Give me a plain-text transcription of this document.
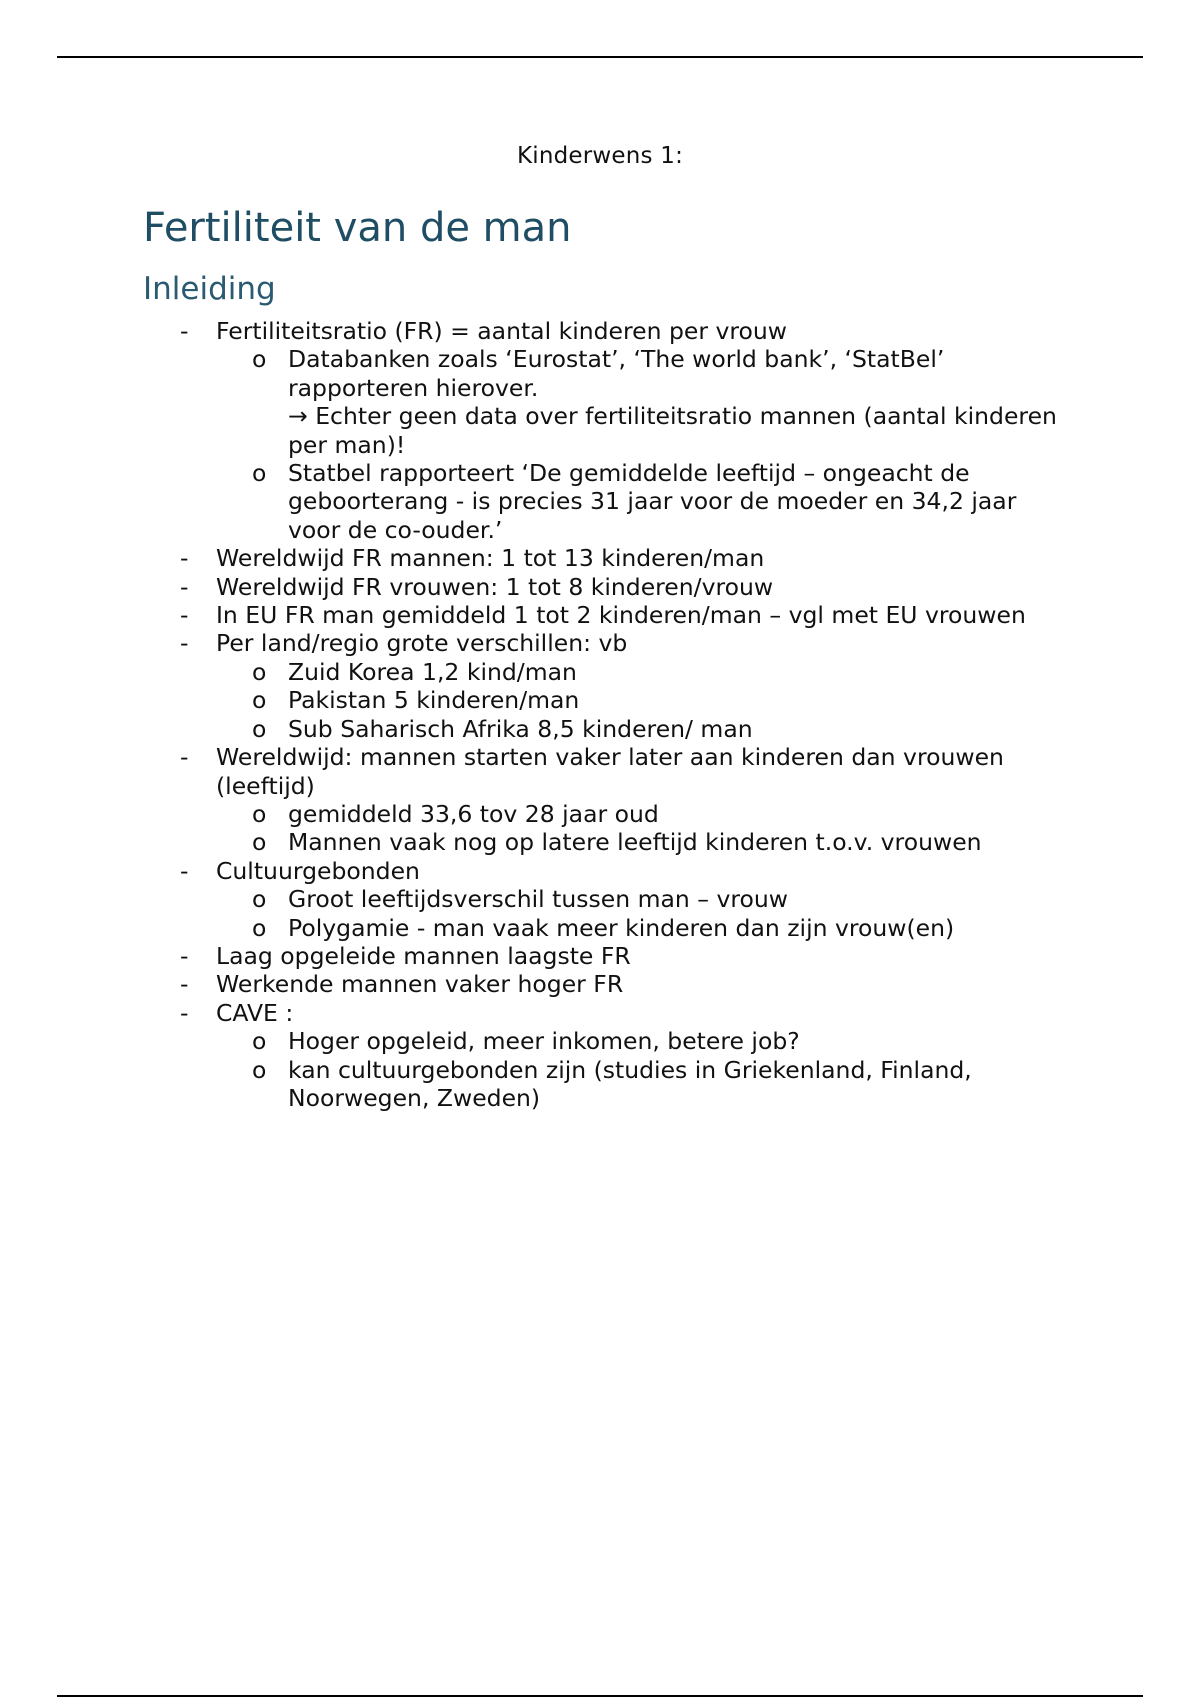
Kinderwens 1:
Fertiliteit van de man
Inleiding
- Fertiliteitsratio (FR) = aantal kinderen per vrouw
o Databanken zoals ‘Eurostat’, ‘The world bank’, ‘StatBel’ rapporteren hierover.
→ Echter geen data over fertiliteitsratio mannen (aantal kinderen per man)!
o Statbel rapporteert ‘De gemiddelde leeftijd – ongeacht de geboorterang - is precies 31 jaar voor de moeder en 34,2 jaar voor de co-ouder.’
- Wereldwijd FR mannen: 1 tot 13 kinderen/man
- Wereldwijd FR vrouwen: 1 tot 8 kinderen/vrouw
- In EU FR man gemiddeld 1 tot 2 kinderen/man – vgl met EU vrouwen
- Per land/regio grote verschillen: vb
o Zuid Korea 1,2 kind/man
o Pakistan 5 kinderen/man
o Sub Saharisch Afrika 8,5 kinderen/ man
- Wereldwijd: mannen starten vaker later aan kinderen dan vrouwen (leeftijd)
o gemiddeld 33,6 tov 28 jaar oud
o Mannen vaak nog op latere leeftijd kinderen t.o.v. vrouwen
- Cultuurgebonden
o Groot leeftijdsverschil tussen man – vrouw
o Polygamie - man vaak meer kinderen dan zijn vrouw(en)
- Laag opgeleide mannen laagste FR
- Werkende mannen vaker hoger FR
- CAVE :
o Hoger opgeleid, meer inkomen, betere job?
o kan cultuurgebonden zijn (studies in Griekenland, Finland, Noorwegen, Zweden)
